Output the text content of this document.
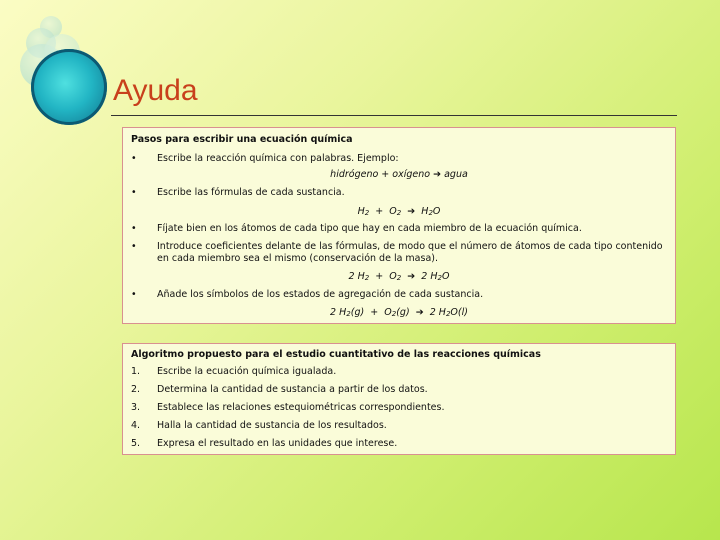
Ayuda
Pasos para escribir una ecuación química
• Escribe la reacción química con palabras. Ejemplo:
hidrógeno + oxígeno ➔ agua
• Escribe las fórmulas de cada sustancia.
$H_2 + O_2$ ➔ $H_2O$
• Fíjate bien en los átomos de cada tipo que hay en cada miembro de la ecuación química.
• Introduce coeficientes delante de las fórmulas, de modo que el número de átomos de cada tipo contenido en cada miembro sea el mismo (conservación de la masa).
2 $H_2 + O_2$ ➔ 2 $H_2O$
• Añade los símbolos de los estados de agregación de cada sustancia.
2 $H_2(g) + O_2(g)$ ➔ 2 $H_2O(l)$
Algoritmo propuesto para el estudio cuantitativo de las reacciones químicas
1. Escribe la ecuación química igualada.
2. Determina la cantidad de sustancia a partir de los datos.
3. Establece las relaciones estequiométricas correspondientes.
4. Halla la cantidad de sustancia de los resultados.
5. Expresa el resultado en las unidades que interese.
